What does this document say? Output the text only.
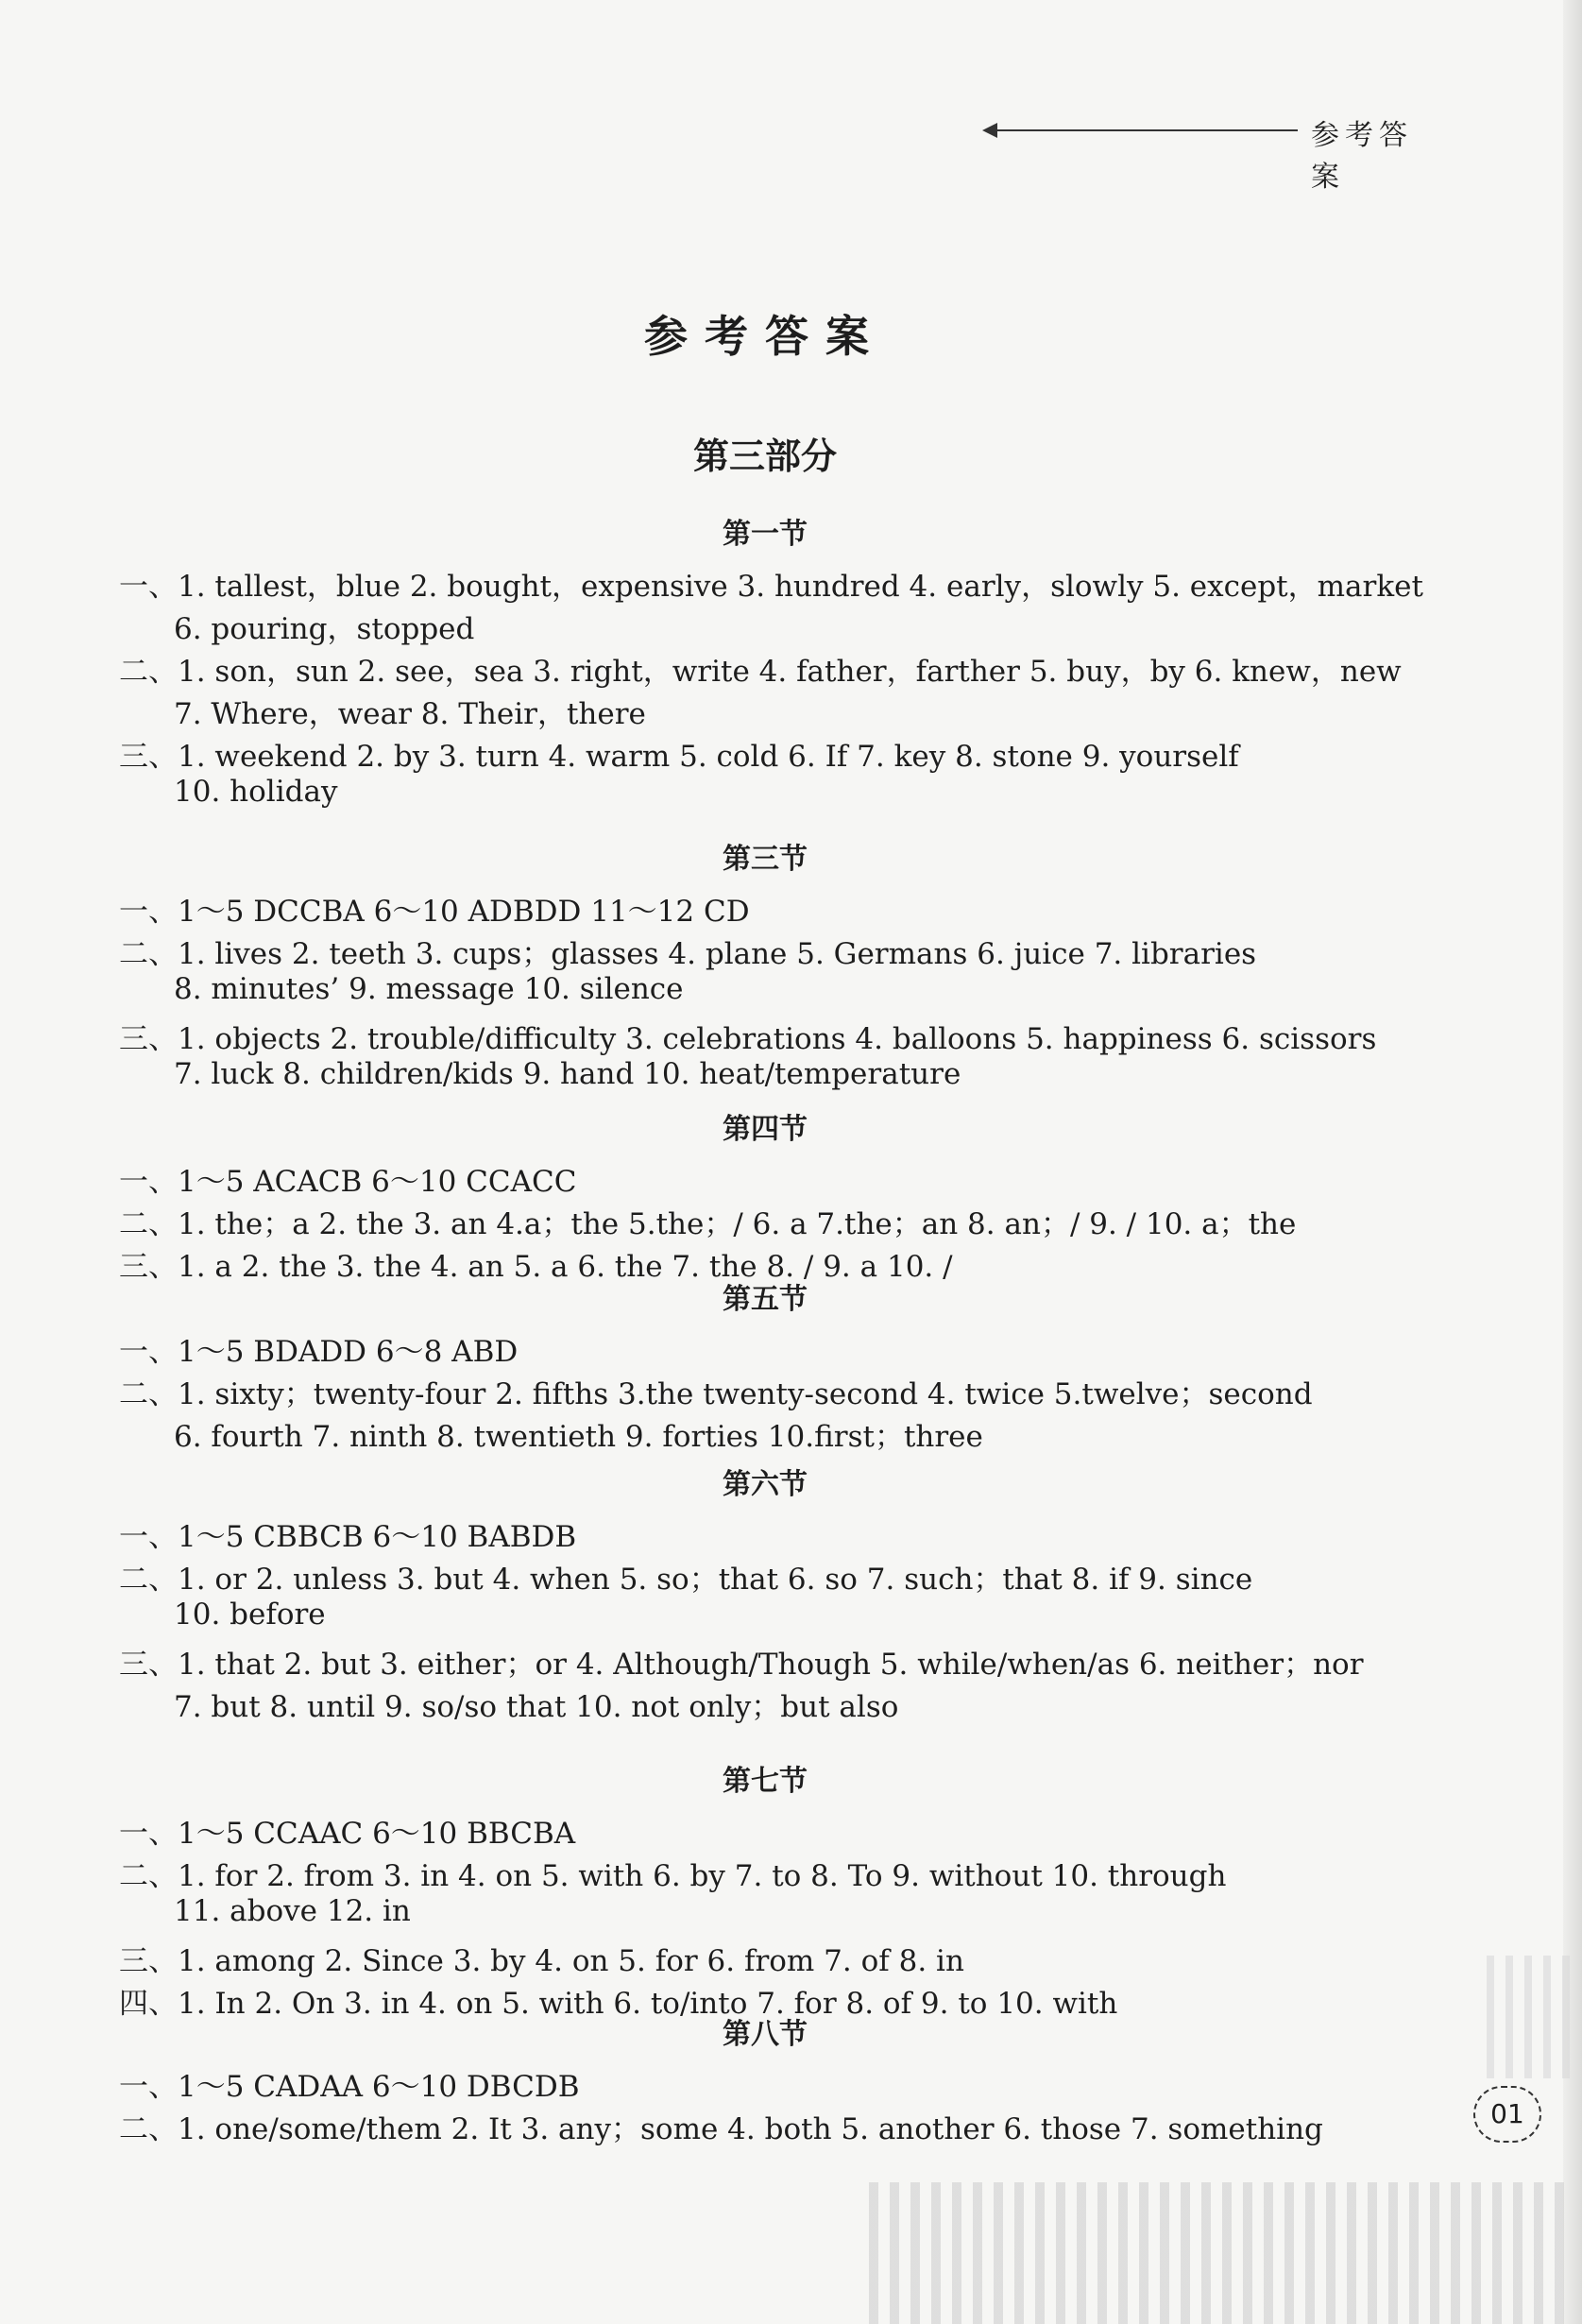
参考答案
参考答案
第三部分
第一节
一、1. tallest，blue 2. bought，expensive 3. hundred 4. early，slowly 5. except，market
6. pouring，stopped
二、1. son，sun 2. see，sea 3. right，write 4. father，farther 5. buy，by 6. knew，new
7. Where，wear 8. Their，there
三、1. weekend 2. by 3. turn 4. warm 5. cold 6. If 7. key 8. stone 9. yourself
10. holiday
第三节
一、1～5 DCCBA 6～10 ADBDD 11～12 CD
二、1. lives 2. teeth 3. cups；glasses 4. plane 5. Germans 6. juice 7. libraries
8. minutes’ 9. message 10. silence
三、1. objects 2. trouble/difficulty 3. celebrations 4. balloons 5. happiness 6. scissors
7. luck 8. children/kids 9. hand 10. heat/temperature
第四节
一、1～5 ACACB 6～10 CCACC
二、1. the；a 2. the 3. an 4.a；the 5.the；/ 6. a 7.the；an 8. an；/ 9. / 10. a；the
三、1. a 2. the 3. the 4. an 5. a 6. the 7. the 8. / 9. a 10. /
第五节
一、1～5 BDADD 6～8 ABD
二、1. sixty；twenty-four 2. fifths 3.the twenty-second 4. twice 5.twelve；second
6. fourth 7. ninth 8. twentieth 9. forties 10.first；three
第六节
一、1～5 CBBCB 6～10 BABDB
二、1. or 2. unless 3. but 4. when 5. so；that 6. so 7. such；that 8. if 9. since
10. before
三、1. that 2. but 3. either；or 4. Although/Though 5. while/when/as 6. neither；nor
7. but 8. until 9. so/so that 10. not only；but also
第七节
一、1～5 CCAAC 6～10 BBCBA
二、1. for 2. from 3. in 4. on 5. with 6. by 7. to 8. To 9. without 10. through
11. above 12. in
三、1. among 2. Since 3. by 4. on 5. for 6. from 7. of 8. in
四、1. In 2. On 3. in 4. on 5. with 6. to/into 7. for 8. of 9. to 10. with
第八节
一、1～5 CADAA 6～10 DBCDB
二、1. one/some/them 2. It 3. any；some 4. both 5. another 6. those 7. something	01
